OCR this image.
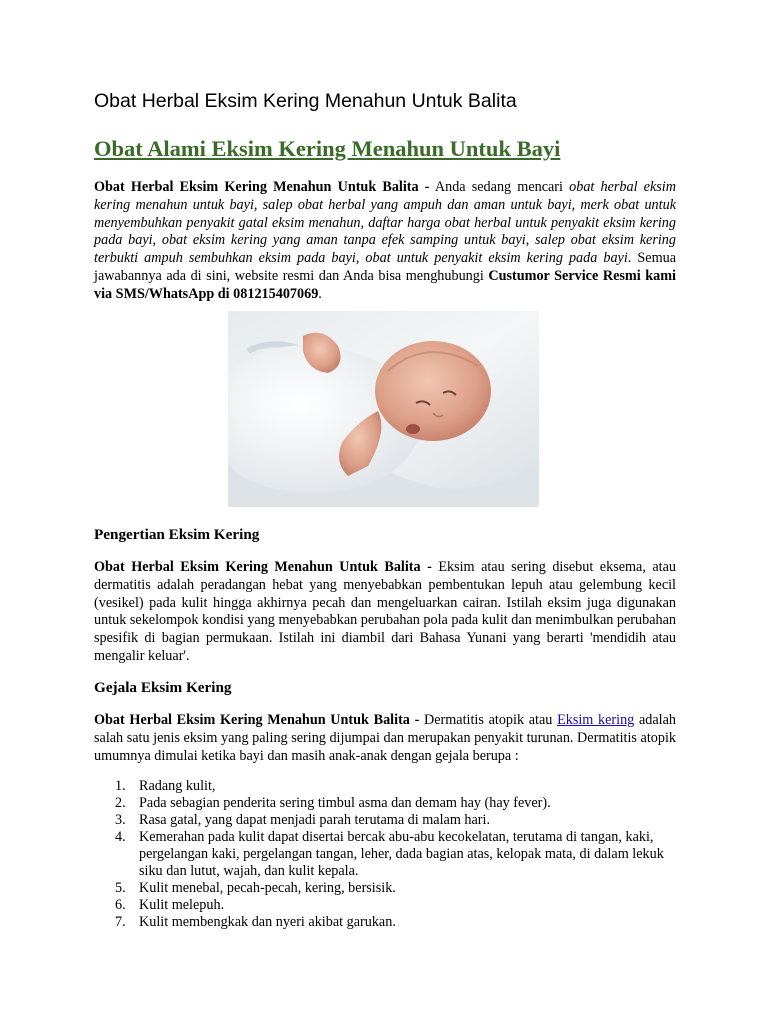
Obat Herbal Eksim Kering Menahun Untuk Balita
Obat Alami Eksim Kering Menahun Untuk Bayi

Obat Herbal Eksim Kering Menahun Untuk Balita - Anda sedang mencari obat herbal eksim kering menahun untuk bayi, salep obat herbal yang ampuh dan aman untuk bayi, merk obat untuk menyembuhkan penyakit gatal eksim menahun, daftar harga obat herbal untuk penyakit eksim kering pada bayi, obat eksim kering yang aman tanpa efek samping untuk bayi, salep obat eksim kering terbukti ampuh sembuhkan eksim pada bayi, obat untuk penyakit eksim kering pada bayi. Semua jawabannya ada di sini, website resmi dan Anda bisa menghubungi Custumor Service Resmi kami via SMS/WhatsApp di 081215407069.

Pengertian Eksim Kering

Obat Herbal Eksim Kering Menahun Untuk Balita - Eksim atau sering disebut eksema, atau dermatitis adalah peradangan hebat yang menyebabkan pembentukan lepuh atau gelembung kecil (vesikel) pada kulit hingga akhirnya pecah dan mengeluarkan cairan. Istilah eksim juga digunakan untuk sekelompok kondisi yang menyebabkan perubahan pola pada kulit dan menimbulkan perubahan spesifik di bagian permukaan. Istilah ini diambil dari Bahasa Yunani yang berarti 'mendidih atau mengalir keluar'.

Gejala Eksim Kering

Obat Herbal Eksim Kering Menahun Untuk Balita - Dermatitis atopik atau Eksim kering adalah salah satu jenis eksim yang paling sering dijumpai dan merupakan penyakit turunan. Dermatitis atopik umumnya dimulai ketika bayi dan masih anak-anak dengan gejala berupa :

1. Radang kulit,
2. Pada sebagian penderita sering timbul asma dan demam hay (hay fever).
3. Rasa gatal, yang dapat menjadi parah terutama di malam hari.
4. Kemerahan pada kulit dapat disertai bercak abu-abu kecokelatan, terutama di tangan, kaki, pergelangan kaki, pergelangan tangan, leher, dada bagian atas, kelopak mata, di dalam lekuk siku dan lutut, wajah, dan kulit kepala.
5. Kulit menebal, pecah-pecah, kering, bersisik.
6. Kulit melepuh.
7. Kulit membengkak dan nyeri akibat garukan.
